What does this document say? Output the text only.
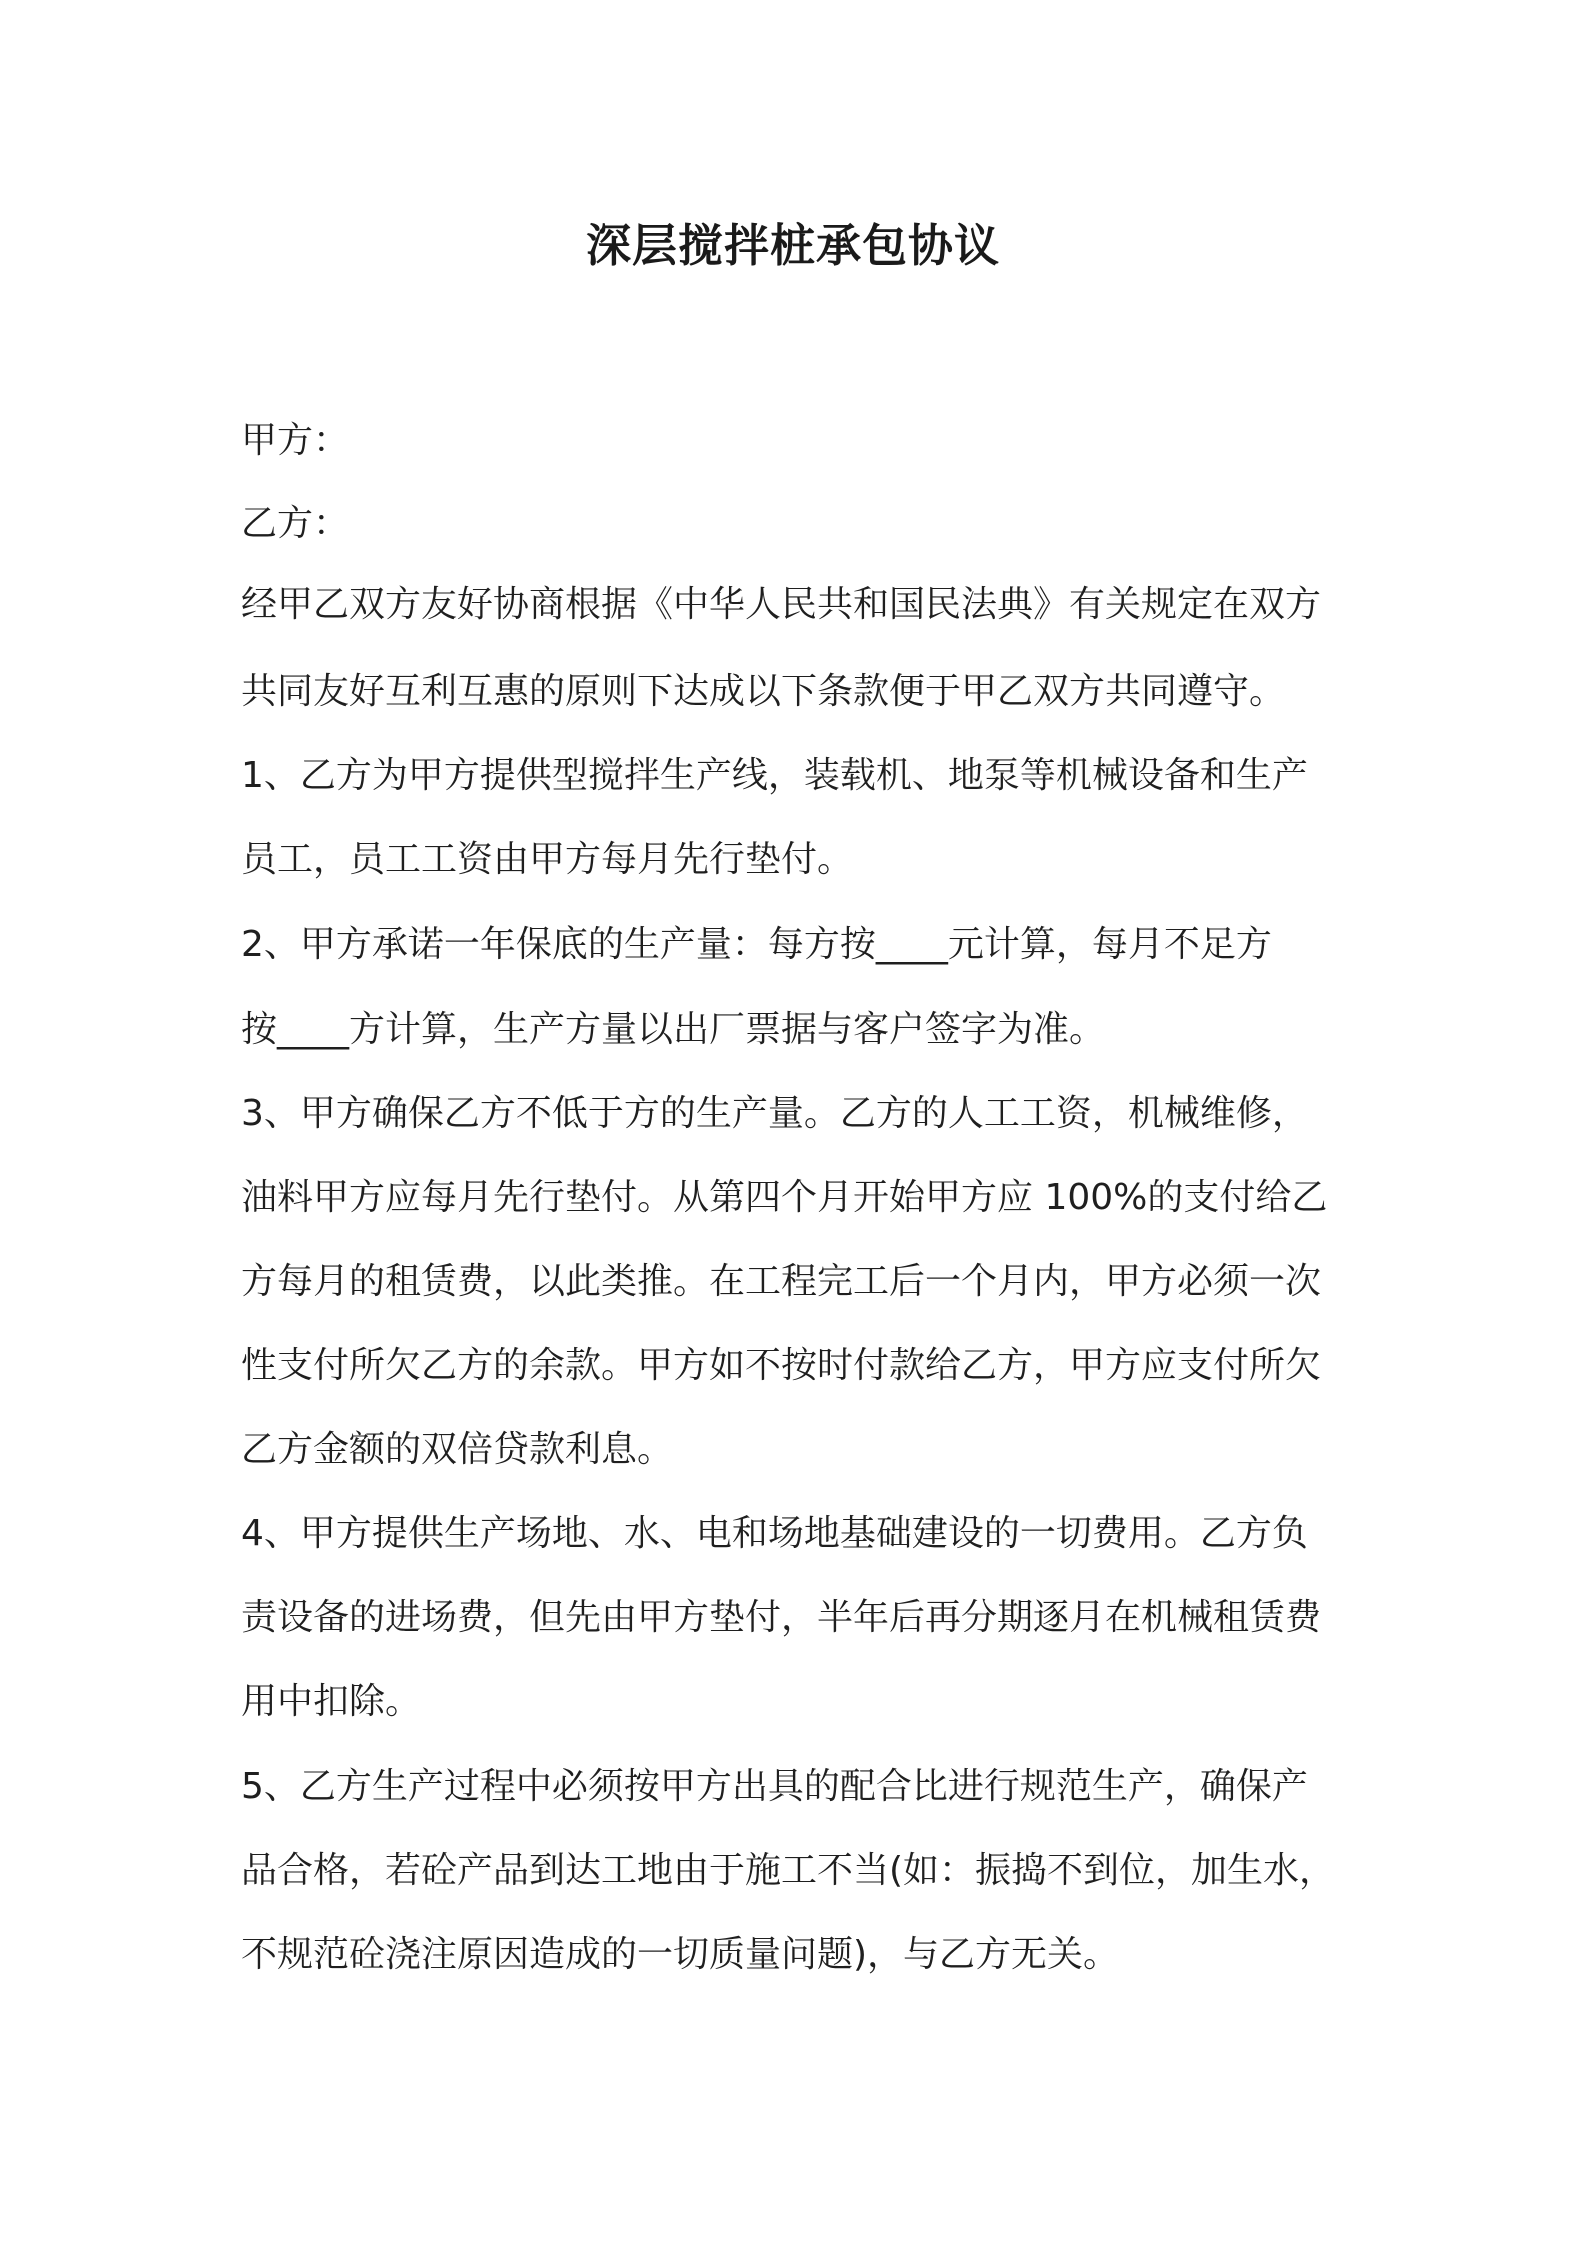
深层搅拌桩承包协议
甲方：
乙方：
经甲乙双方友好协商根据《中华人民共和国民法典》有关规定在双方
共同友好互利互惠的原则下达成以下条款便于甲乙双方共同遵守。
1、乙方为甲方提供型搅拌生产线，装载机、地泵等机械设备和生产
员工，员工工资由甲方每月先行垫付。
2、甲方承诺一年保底的生产量：每方按____元计算，每月不足方
按____方计算，生产方量以出厂票据与客户签字为准。
3、甲方确保乙方不低于方的生产量。乙方的人工工资，机械维修，
油料甲方应每月先行垫付。从第四个月开始甲方应 100%的支付给乙
方每月的租赁费，以此类推。在工程完工后一个月内，甲方必须一次
性支付所欠乙方的余款。甲方如不按时付款给乙方，甲方应支付所欠
乙方金额的双倍贷款利息。
4、甲方提供生产场地、水、电和场地基础建设的一切费用。乙方负
责设备的进场费，但先由甲方垫付，半年后再分期逐月在机械租赁费
用中扣除。
5、乙方生产过程中必须按甲方出具的配合比进行规范生产，确保产
品合格，若砼产品到达工地由于施工不当(如：振捣不到位，加生水，
不规范砼浇注原因造成的一切质量问题)，与乙方无关。
